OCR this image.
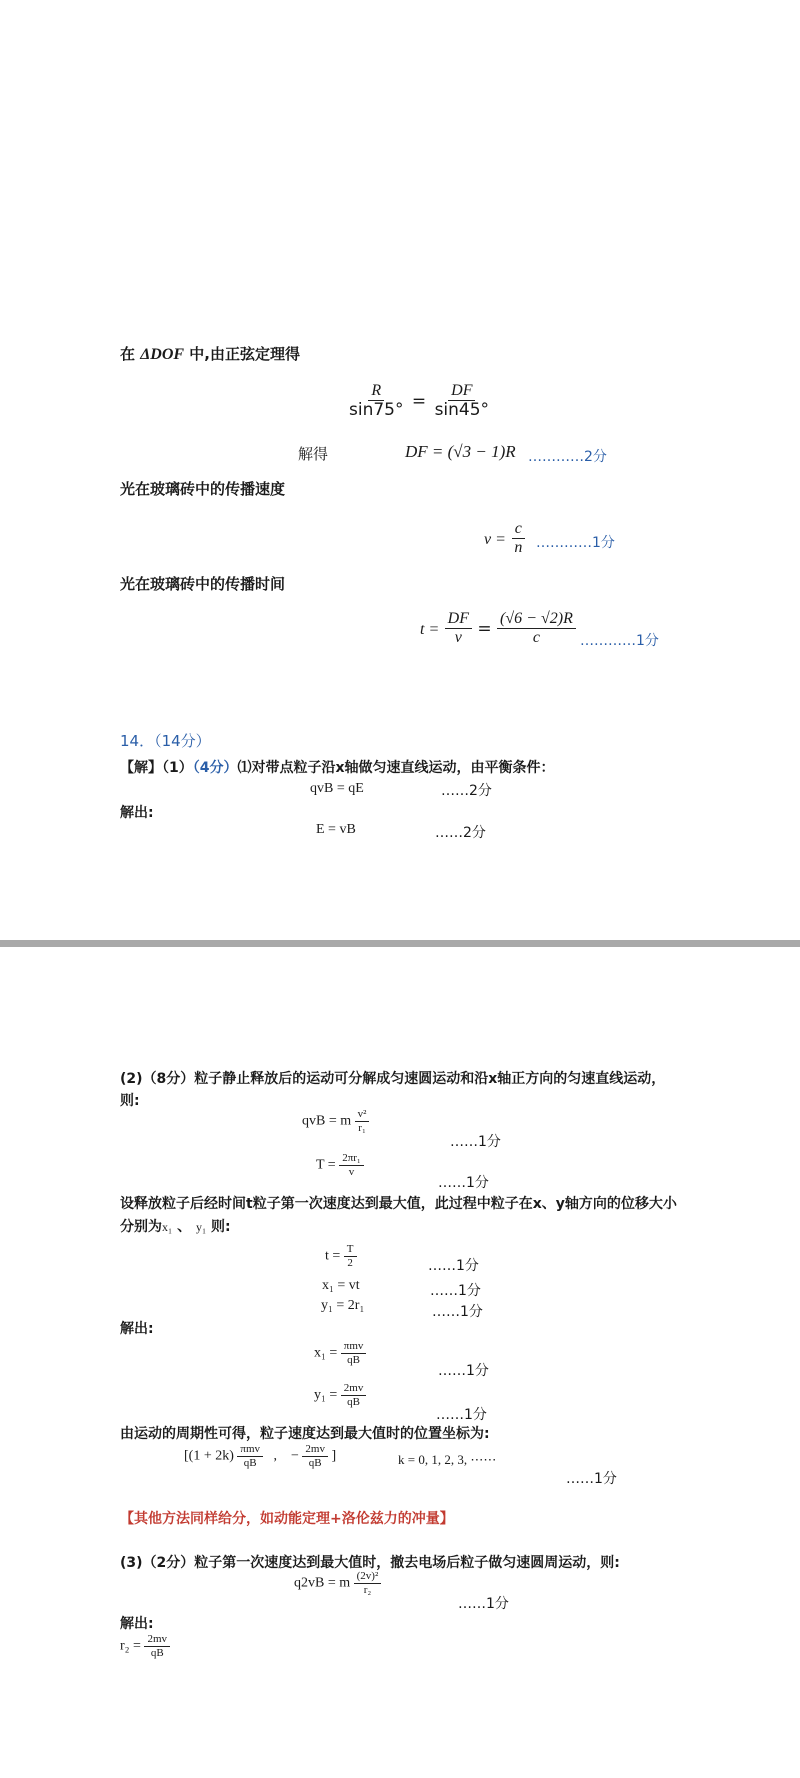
在 ΔDOF 中,由正弦定理得
$\frac{R}{\sin 75^\circ} = \frac{DF}{\sin 45^\circ}$
解得	DF = (√3 − 1)R …………2分
光在玻璃砖中的传播速度
$v = \frac{c}{n}$ …………1分
光在玻璃砖中的传播时间
$t = \frac{DF}{v} = \frac{(√6 - √2)R}{c}$ …………1分
14．（14分）
【解】（1）（4分）⑴对带点粒子沿x轴做匀速直线运动，由平衡条件：
qvB = qE	……2分
解出:
E = vB	……2分
(2)（8分）粒子静止释放后的运动可分解成匀速圆运动和沿x轴正方向的匀速直线运动，
则:
qvB = m $\frac{\text{v²}}{\text{r₁}}$
……1分
$T = \frac{\text{2πr₁}}{v}$
……1分
设释放粒子后经时间t粒子第一次速度达到最大值，此过程中粒子在x、y轴方向的位移大小
分别为x₁ 、 y₁ 则:
$t = \frac{T}{2}$	……1分
x₁ = vt	……1分
y₁ = 2r₁	……1分
解出:
$x_1 = \frac{\text{πmv}}{qB}$
……1分
$y_1 = \frac{2mv}{qB}$
……1分
由运动的周期性可得，粒子速度达到最大值时的位置坐标为:
[$(1 + 2k) \frac{\text{πmv}}{qB}$ , − $\frac{2mv}{qB}$ ]	k = 0, 1, 2, 3, ⋯⋯
……1分
【其他方法同样给分，如动能定理+洛伦兹力的冲量】
(3)（2分）粒子第一次速度达到最大值时，撤去电场后粒子做匀速圆周运动，则:
q2vB = m $\frac{\text{(2v)²}}{\text{r₂}}$
……1分
解出:
$r_2 = \frac{2mv}{qB}$
